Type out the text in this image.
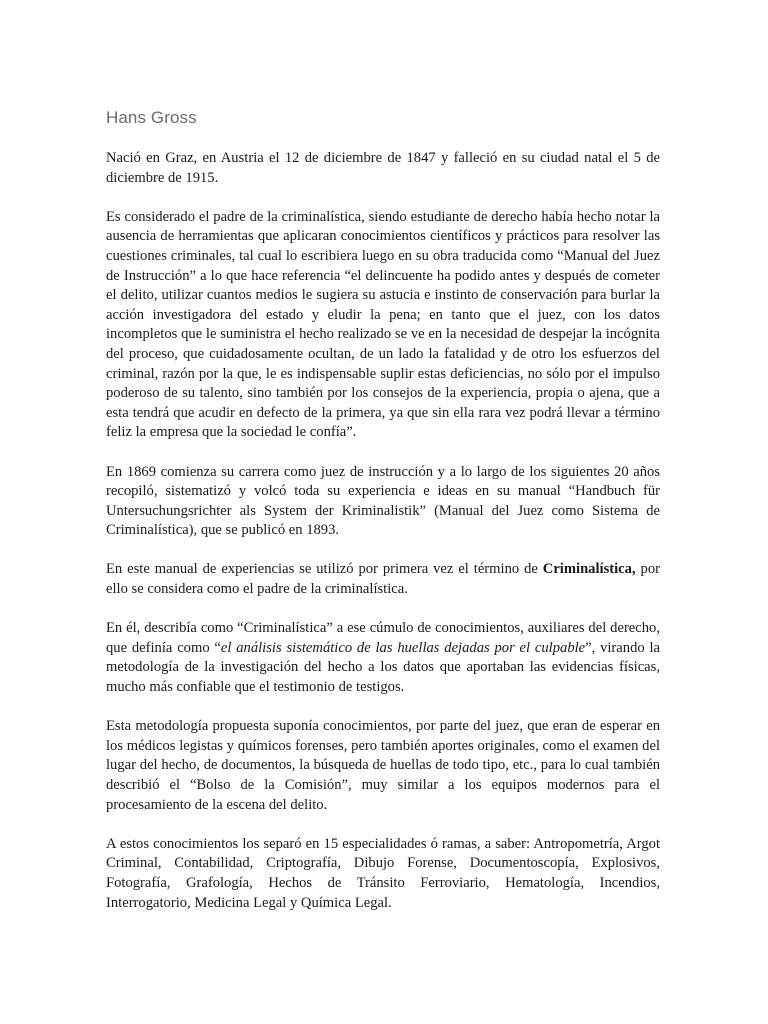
Hans Gross

Nació en Graz, en Austria el 12 de diciembre de 1847 y falleció en su ciudad natal el 5 de diciembre de 1915.

Es considerado el padre de la criminalística, siendo estudiante de derecho había hecho notar la ausencia de herramientas que aplicaran conocimientos científicos y prácticos para resolver las cuestiones criminales, tal cual lo escribiera luego en su obra traducida como “Manual del Juez de Instrucción” a lo que hace referencia “el delincuente ha podido antes y después de cometer el delito, utilizar cuantos medios le sugiera su astucia e instinto de conservación para burlar la acción investigadora del estado y eludir la pena; en tanto que el juez, con los datos incompletos que le suministra el hecho realizado se ve en la necesidad de despejar la incógnita del proceso, que cuidadosamente ocultan, de un lado la fatalidad y de otro los esfuerzos del criminal, razón por la que, le es indispensable suplir estas deficiencias, no sólo por el impulso poderoso de su talento, sino también por los consejos de la experiencia, propia o ajena, que a esta tendrá que acudir en defecto de la primera, ya que sin ella rara vez podrá llevar a término feliz la empresa que la sociedad le confía”.

En 1869 comienza su carrera como juez de instrucción y a lo largo de los siguientes 20 años recopiló, sistematizó y volcó toda su experiencia e ideas en su manual “Handbuch für Untersuchungsrichter als System der Kriminalistik” (Manual del Juez como Sistema de Criminalística), que se publicó en 1893.

En este manual de experiencias se utilizó por primera vez el término de Criminalística, por ello se considera como el padre de la criminalística.

En él, describía como “Criminalística” a ese cúmulo de conocimientos, auxiliares del derecho, que definía como “el análisis sistemático de las huellas dejadas por el culpable”, virando la metodología de la investigación del hecho a los datos que aportaban las evidencias físicas, mucho más confiable que el testimonio de testigos.

Esta metodología propuesta suponía conocimientos, por parte del juez, que eran de esperar en los médicos legistas y químicos forenses, pero también aportes originales, como el examen del lugar del hecho, de documentos, la búsqueda de huellas de todo tipo, etc., para lo cual también describió el “Bolso de la Comisión”, muy similar a los equipos modernos para el procesamiento de la escena del delito.

A estos conocimientos los separó en 15 especialidades ó ramas, a saber: Antropometría, Argot Criminal, Contabilidad, Criptografía, Dibujo Forense, Documentoscopía, Explosivos, Fotografía, Grafología, Hechos de Tránsito Ferroviario, Hematología, Incendios, Interrogatorio, Medicina Legal y Química Legal.
